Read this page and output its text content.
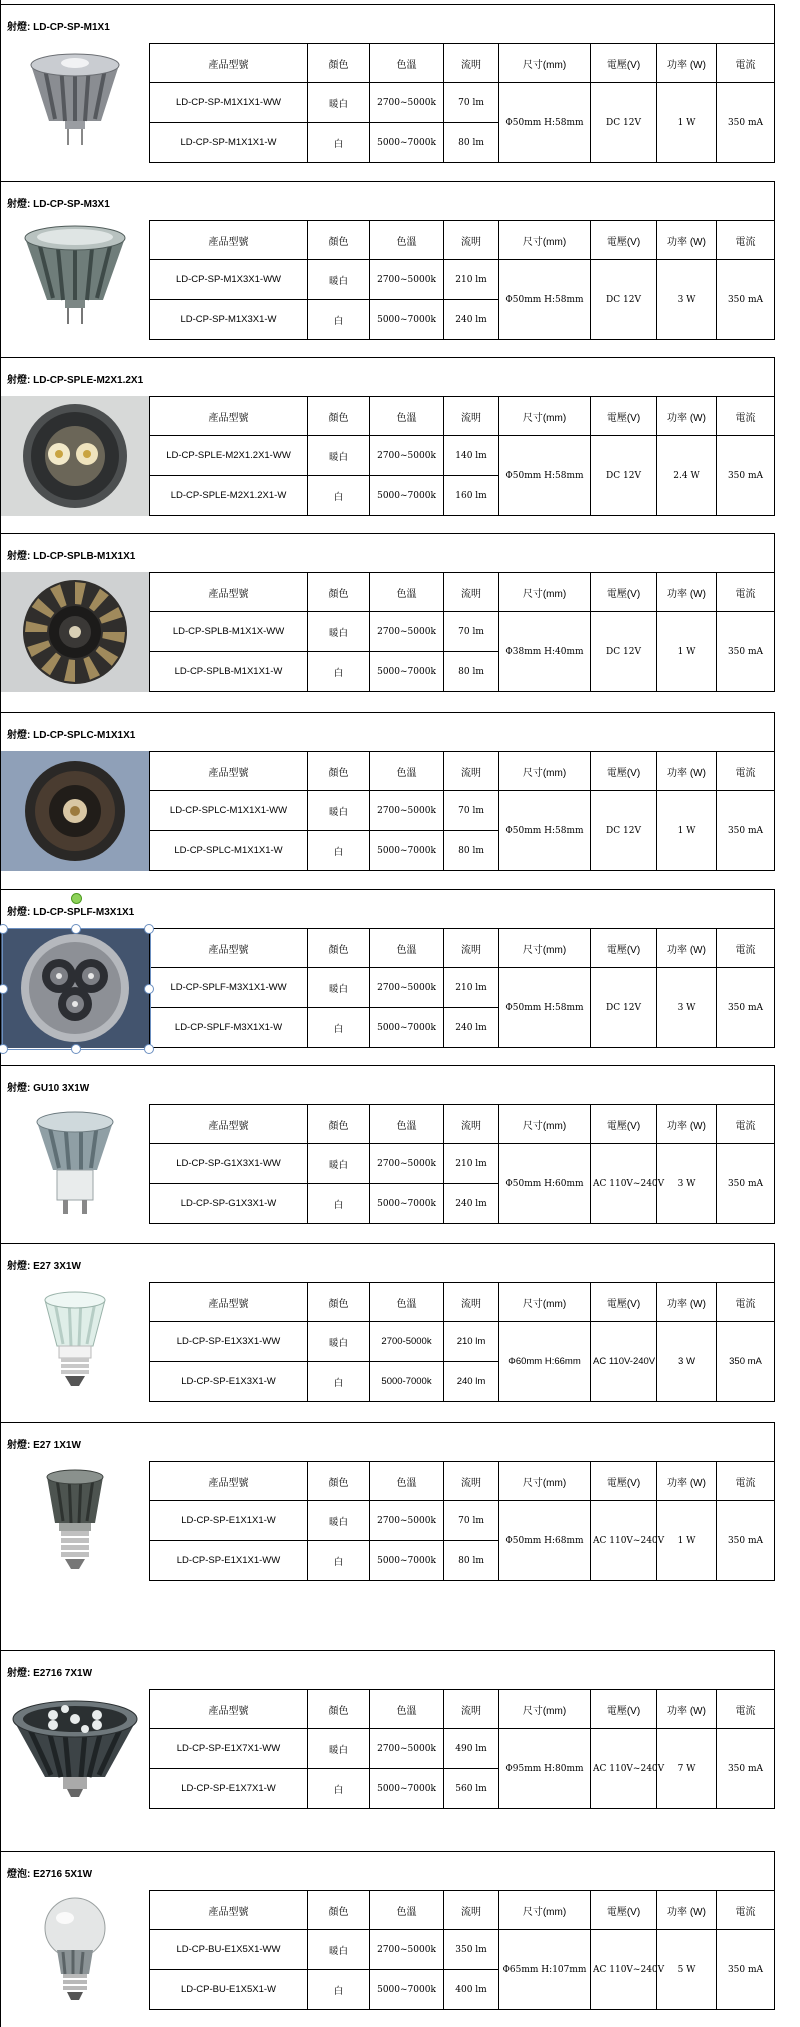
射燈: LD-CP-SP-M1X1
產品型號	顏色	色溫	流明	尺寸(mm)	電壓(V)	功率 (W)	電流
LD-CP-SP-M1X1X1-WW	暖白	2700~5000k	70 lm	Φ50mm H:58mm	DC 12V	1 W	350 mA
LD-CP-SP-M1X1X1-W	白	5000~7000k	80 lm				
射燈: LD-CP-SP-M3X1
產品型號	顏色	色溫	流明	尺寸(mm)	電壓(V)	功率 (W)	電流
LD-CP-SP-M1X3X1-WW	暖白	2700~5000k	210 lm	Φ50mm H:58mm	DC 12V	3 W	350 mA
LD-CP-SP-M1X3X1-W	白	5000~7000k	240 lm				
射燈: LD-CP-SPLE-M2X1.2X1
產品型號	顏色	色溫	流明	尺寸(mm)	電壓(V)	功率 (W)	電流
LD-CP-SPLE-M2X1.2X1-WW	暖白	2700~5000k	140 lm	Φ50mm H:58mm	DC 12V	2.4 W	350 mA
LD-CP-SPLE-M2X1.2X1-W	白	5000~7000k	160 lm				
射燈: LD-CP-SPLB-M1X1X1
產品型號	顏色	色溫	流明	尺寸(mm)	電壓(V)	功率 (W)	電流
LD-CP-SPLB-M1X1X-WW	暖白	2700~5000k	70 lm	Φ38mm H:40mm	DC 12V	1 W	350 mA
LD-CP-SPLB-M1X1X1-W	白	5000~7000k	80 lm				
射燈: LD-CP-SPLC-M1X1X1
產品型號	顏色	色溫	流明	尺寸(mm)	電壓(V)	功率 (W)	電流
LD-CP-SPLC-M1X1X1-WW	暖白	2700~5000k	70 lm	Φ50mm H:58mm	DC 12V	1 W	350 mA
LD-CP-SPLC-M1X1X1-W	白	5000~7000k	80 lm				
射燈: LD-CP-SPLF-M3X1X1
產品型號	顏色	色溫	流明	尺寸(mm)	電壓(V)	功率 (W)	電流
LD-CP-SPLF-M3X1X1-WW	暖白	2700~5000k	210 lm	Φ50mm H:58mm	DC 12V	3 W	350 mA
LD-CP-SPLF-M3X1X1-W	白	5000~7000k	240 lm				
射燈: GU10 3X1W
產品型號	顏色	色溫	流明	尺寸(mm)	電壓(V)	功率 (W)	電流
LD-CP-SP-G1X3X1-WW	暖白	2700~5000k	210 lm	Φ50mm H:60mm	AC 110V~240V	3 W	350 mA
LD-CP-SP-G1X3X1-W	白	5000~7000k	240 lm				
射燈: E27 3X1W
產品型號	顏色	色溫	流明	尺寸(mm)	電壓(V)	功率 (W)	電流
LD-CP-SP-E1X3X1-WW	暖白	2700-5000k	210 lm	Φ60mm H:66mm	AC 110V-240V	3 W	350 mA
LD-CP-SP-E1X3X1-W	白	5000-7000k	240 lm				
射燈: E27 1X1W
產品型號	顏色	色溫	流明	尺寸(mm)	電壓(V)	功率 (W)	電流
LD-CP-SP-E1X1X1-W	暖白	2700~5000k	70 lm	Φ50mm H:68mm	AC 110V~240V	1 W	350 mA
LD-CP-SP-E1X1X1-WW	白	5000~7000k	80 lm				
射燈: E2716 7X1W
產品型號	顏色	色溫	流明	尺寸(mm)	電壓(V)	功率 (W)	電流
LD-CP-SP-E1X7X1-WW	暖白	2700~5000k	490 lm	Φ95mm H:80mm	AC 110V~240V	7 W	350 mA
LD-CP-SP-E1X7X1-W	白	5000~7000k	560 lm				
燈泡: E2716 5X1W
產品型號	顏色	色溫	流明	尺寸(mm)	電壓(V)	功率 (W)	電流
LD-CP-BU-E1X5X1-WW	暖白	2700~5000k	350 lm	Φ65mm H:107mm	AC 110V~240V	5 W	350 mA
LD-CP-BU-E1X5X1-W	白	5000~7000k	400 lm				
